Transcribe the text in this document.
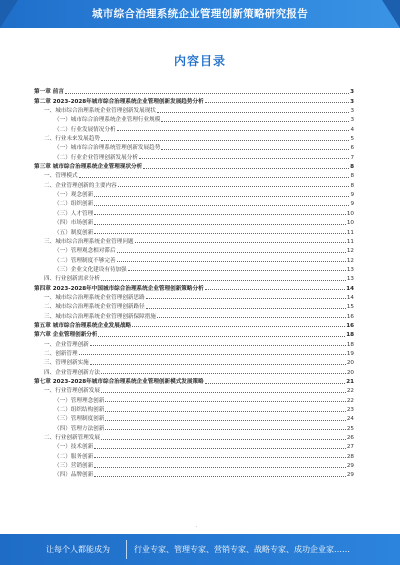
城市综合治理系统企业管理创新策略研究报告
内容目录
第一章 前言	3
第二章 2023-2028年城市综合治理系统企业管理创新发展趋势分析	3
一、城市综合治理系统企业管理创新发展现状	3
（一）城市综合治理系统企业管理行业规模	3
（二）行业发展情况分析	4
二、行业未来发展趋势	5
（一）城市综合治理系统管理创新发展趋势	6
（二）行业企业管理创新发展分析	7
第三章 城市综合治理系统企业管理现状分析	8
一、管理模式	8
二、企业管理创新的主要内容	8
（一）观念创新	9
（二）组织创新	9
（三）人才管理	10
（四）市场创新	10
（五）制度创新	11
三、城市综合治理系统企业管理问题	11
（一）管理观念相对滞后	12
（二）管理制度不够完善	12
（三）企业文化建设有待加强	13
四、行业创新需求分析	13
第四章 2023-2028年中国城市综合治理系统企业管理创新策略分析	14
一、城市综合治理系统企业管理创新思路	14
二、城市综合治理系统企业管理创新路径	15
三、城市综合治理系统企业管理创新保障措施	16
第五章 城市综合治理系统企业发展战略	16
第六章 企业管理创新分析	18
一、企业管理创新	18
二、创新管理	19
三、管理创新实施	20
四、企业管理创新方法	20
第七章 2023-2028年城市综合治理系统企业管理创新模式发展策略	21
一、行业管理创新发展	22
（一）管理理念创新	22
（二）组织结构创新	23
（三）管理制度创新	24
（四）管理方法创新	25
二、行业创新管理发展	26
（一）技术创新	27
（二）服务创新	28
（三）营销创新	29
（四）品牌创新	29
·
让每个人都能成为	行业专家、管理专家、营销专家、战略专家、成功企业家……
